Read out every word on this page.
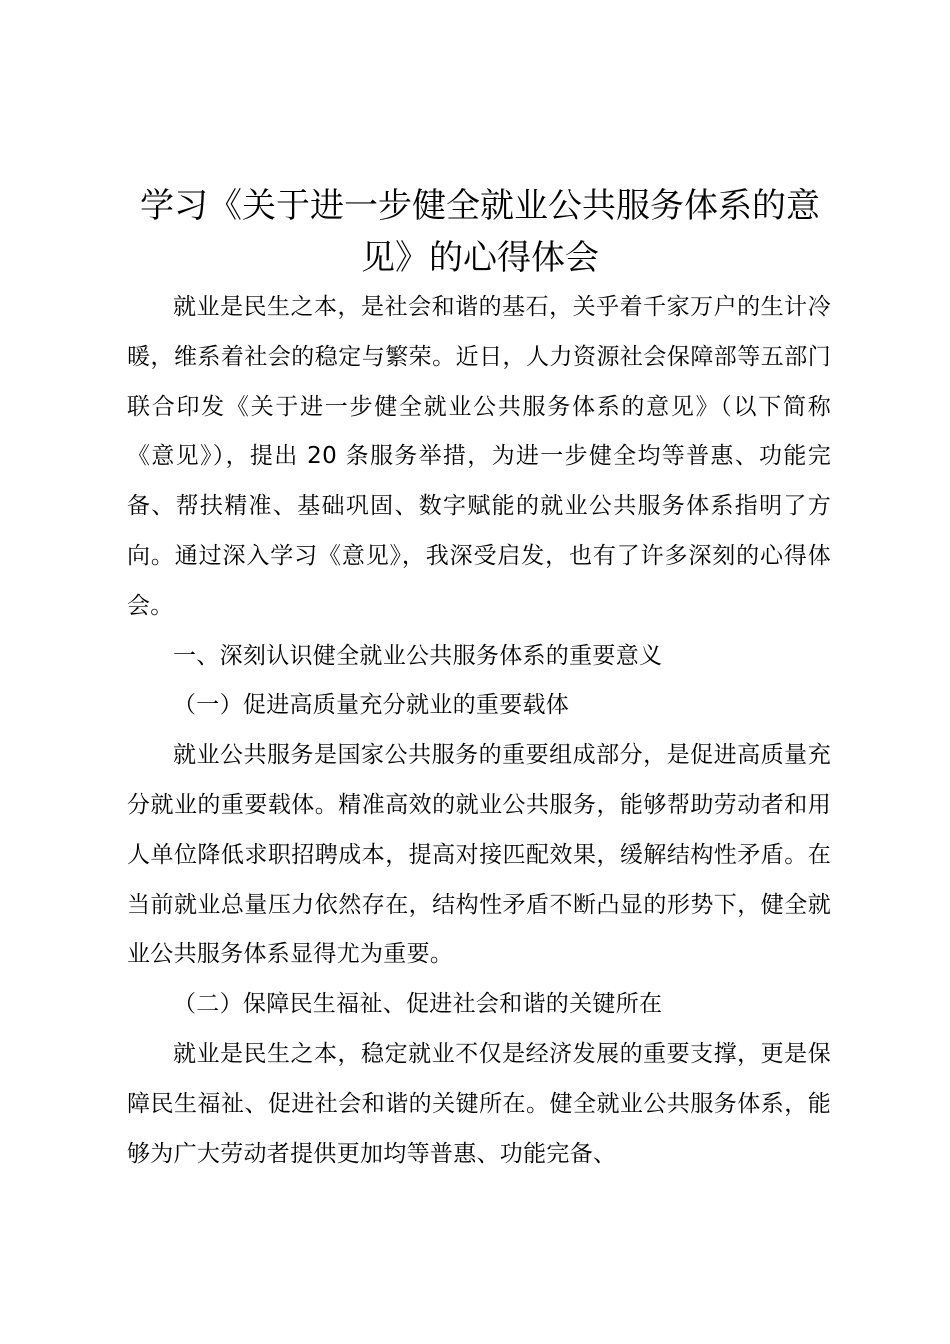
学习《关于进一步健全就业公共服务体系的意见》的心得体会

就业是民生之本，是社会和谐的基石，关乎着千家万户的生计冷暖，维系着社会的稳定与繁荣。近日，人力资源社会保障部等五部门联合印发《关于进一步健全就业公共服务体系的意见》（以下简称《意见》），提出 20 条服务举措，为进一步健全均等普惠、功能完备、帮扶精准、基础巩固、数字赋能的就业公共服务体系指明了方向。通过深入学习《意见》，我深受启发，也有了许多深刻的心得体会。

一、深刻认识健全就业公共服务体系的重要意义

（一）促进高质量充分就业的重要载体

就业公共服务是国家公共服务的重要组成部分，是促进高质量充分就业的重要载体。精准高效的就业公共服务，能够帮助劳动者和用人单位降低求职招聘成本，提高对接匹配效果，缓解结构性矛盾。在当前就业总量压力依然存在，结构性矛盾不断凸显的形势下，健全就业公共服务体系显得尤为重要。

（二）保障民生福祉、促进社会和谐的关键所在

就业是民生之本，稳定就业不仅是经济发展的重要支撑，更是保障民生福祉、促进社会和谐的关键所在。健全就业公共服务体系，能够为广大劳动者提供更加均等普惠、功能完备、
